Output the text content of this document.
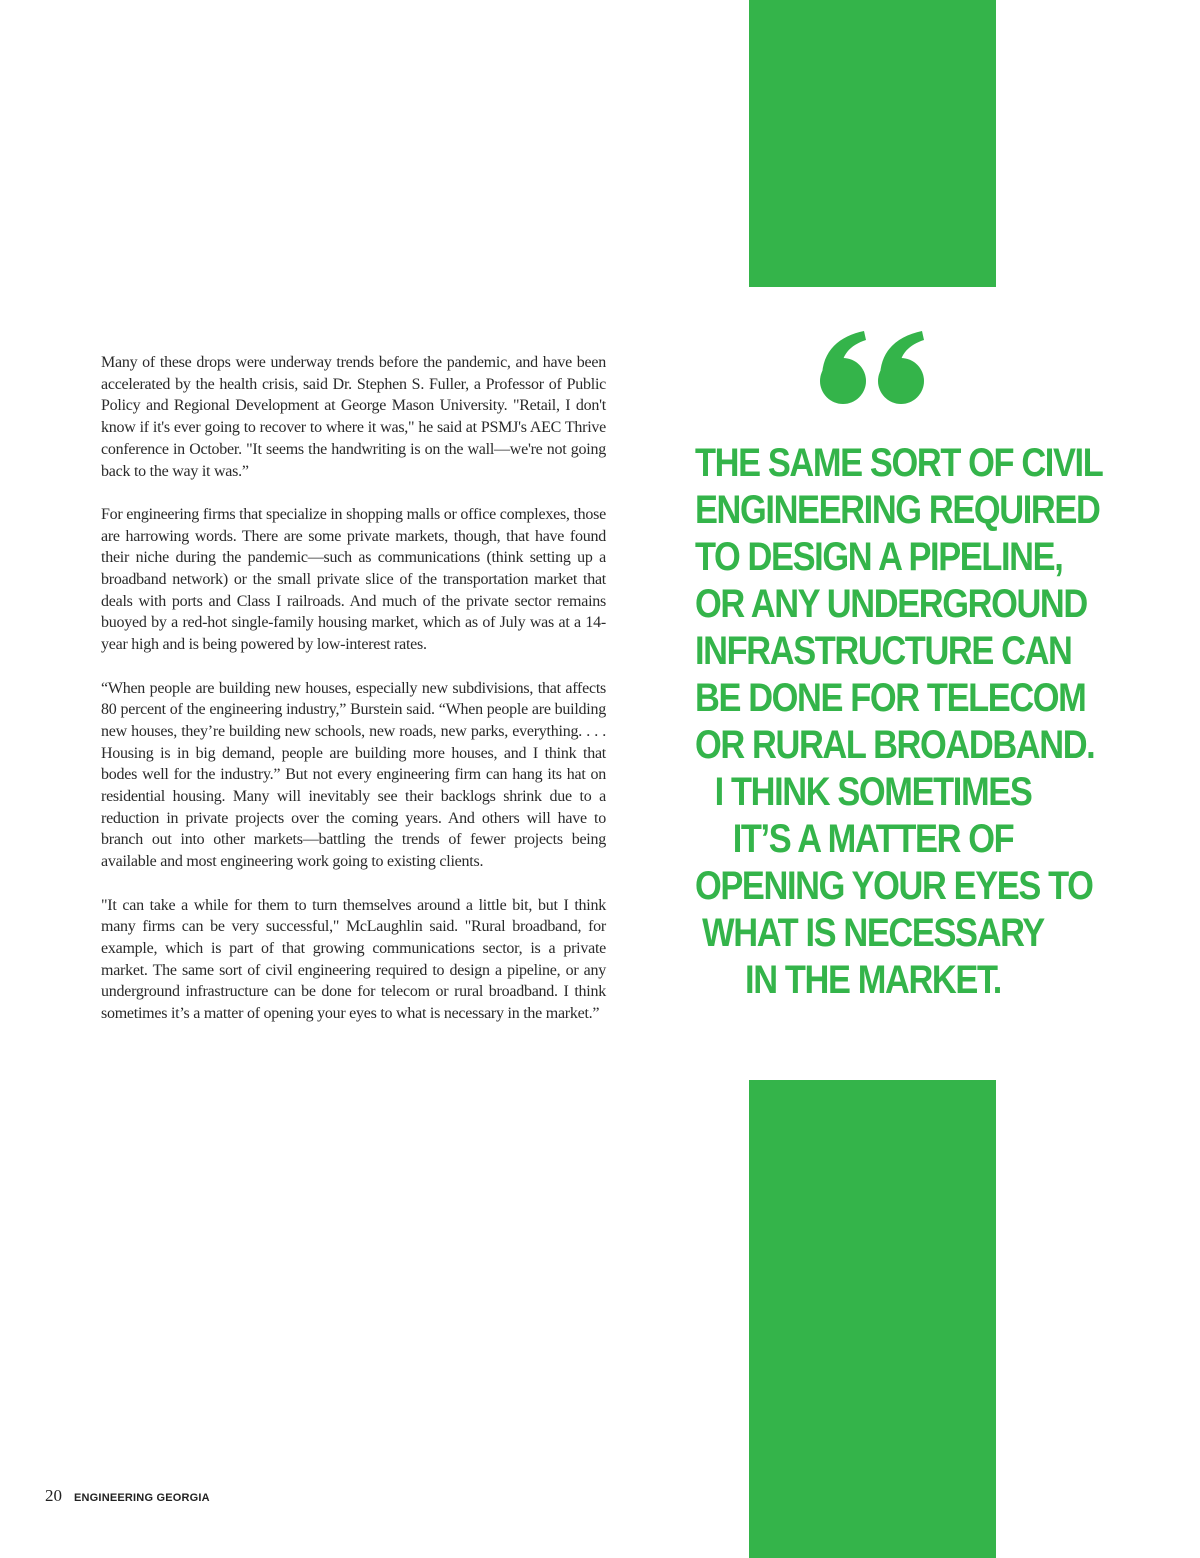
Many of these drops were underway trends before the pandemic, and have been accelerated by the health crisis, said Dr. Stephen S. Fuller, a Professor of Public Policy and Regional Development at George Mason University. "Retail, I don't know if it's ever going to recover to where it was," he said at PSMJ's AEC Thrive conference in October. "It seems the handwriting is on the wall—we're not going back to the way it was.”

For engineering firms that specialize in shopping malls or office complexes, those are harrowing words. There are some private markets, though, that have found their niche during the pandemic—such as communications (think setting up a broadband network) or the small private slice of the transportation market that deals with ports and Class I railroads. And much of the private sector remains buoyed by a red-hot single-family housing market, which as of July was at a 14-year high and is being powered by low-interest rates.

“When people are building new houses, especially new subdivisions, that affects 80 percent of the engineering industry,” Burstein said. “When people are building new houses, they’re building new schools, new roads, new parks, everything. . . . Housing is in big demand, people are building more houses, and I think that bodes well for the industry.” But not every engineering firm can hang its hat on residential housing. Many will inevitably see their backlogs shrink due to a reduction in private projects over the coming years. And others will have to branch out into other markets—battling the trends of fewer projects being available and most engineering work going to existing clients.

"It can take a while for them to turn themselves around a little bit, but I think many firms can be very successful," McLaughlin said. "Rural broadband, for example, which is part of that growing communications sector, is a private market. The same sort of civil engineering required to design a pipeline, or any underground infrastructure can be done for telecom or rural broadband. I think sometimes it’s a matter of opening your eyes to what is necessary in the market.”

THE SAME SORT OF CIVIL
ENGINEERING REQUIRED
TO DESIGN A PIPELINE,
OR ANY UNDERGROUND
INFRASTRUCTURE CAN
BE DONE FOR TELECOM
OR RURAL BROADBAND.
I THINK SOMETIMES
IT’S A MATTER OF
OPENING YOUR EYES TO
WHAT IS NECESSARY
IN THE MARKET.
20 ENGINEERING GEORGIA
